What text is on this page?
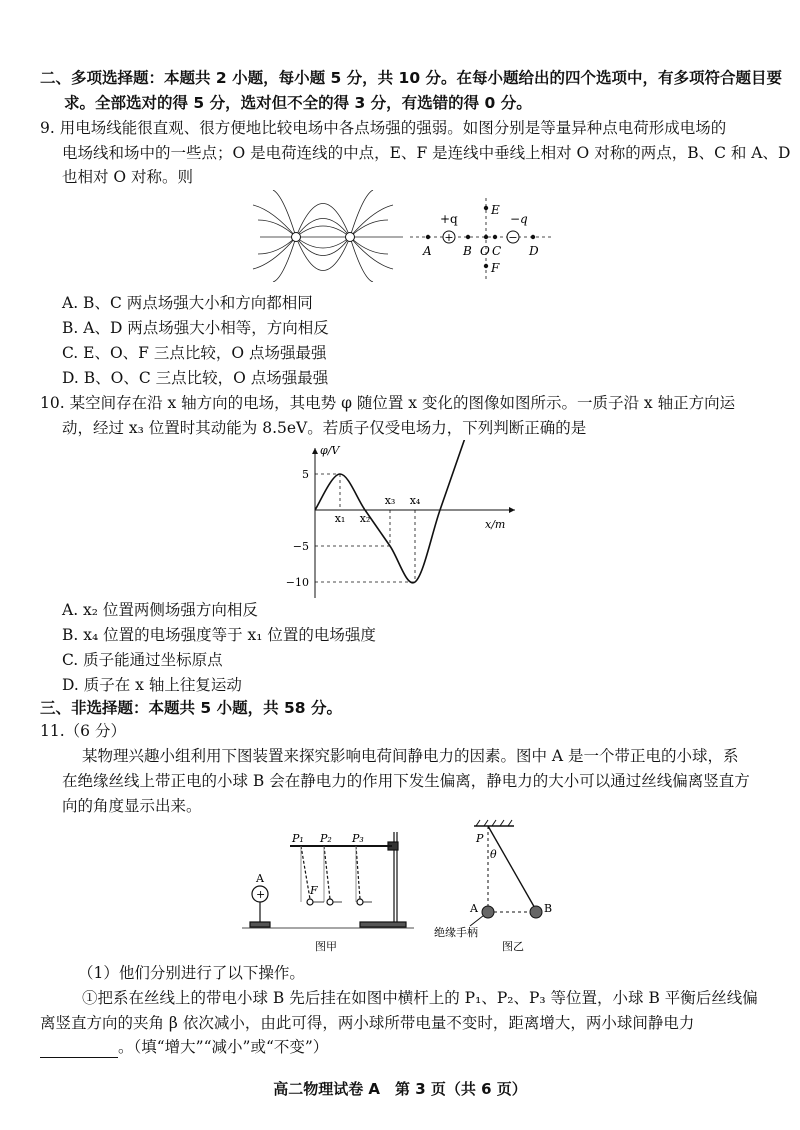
二、多项选择题：本题共 2 小题，每小题 5 分，共 10 分。在每小题给出的四个选项中，有多项符合题目要
求。全部选对的得 5 分，选对但不全的得 3 分，有选错的得 0 分。
9. 用电场线能很直观、很方便地比较电场中各点场强的强弱。如图分别是等量异种点电荷形成电场的
电场线和场中的一些点；O 是电荷连线的中点，E、F 是连线中垂线上相对 O 对称的两点，B、C 和 A、D
也相对 O 对称。则
+	−
+q	−q
A	B O C D
E
F
A. B、C 两点场强大小和方向都相同
B. A、D 两点场强大小相等，方向相反
C. E、O、F 三点比较，O 点场强最强
D. B、O、C 三点比较，O 点场强最强
10. 某空间存在沿 x 轴方向的电场，其电势 φ 随位置 x 变化的图像如图所示。一质子沿 x 轴正方向运
动，经过 x₃ 位置时其动能为 8.5eV。若质子仅受电场力，下列判断正确的是
φ/V
x/m
5
−5
−10
x₁ x₂
x₃ x₄
A. x₂ 位置两侧场强方向相反
B. x₄ 位置的电场强度等于 x₁ 位置的电场强度
C. 质子能通过坐标原点
D. 质子在 x 轴上往复运动
三、非选择题：本题共 5 小题，共 58 分。
11.（6 分）
某物理兴趣小组利用下图装置来探究影响电荷间静电力的因素。图中 A 是一个带正电的小球，系
在绝缘丝线上带正电的小球 B 会在静电力的作用下发生偏离，静电力的大小可以通过丝线偏离竖直方
向的角度显示出来。
P₁ P₂ P₃
F
A
+
图甲
P
θ
A	B
绝缘手柄
图乙
（1）他们分别进行了以下操作。
①把系在丝线上的带电小球 B 先后挂在如图中横杆上的 P₁、P₂、P₃ 等位置，小球 B 平衡后丝线偏
离竖直方向的夹角 β 依次减小，由此可得，两小球所带电量不变时，距离增大，两小球间静电力
。（填“增大”“减小”或“不变”）
高二物理试卷 A　第 3 页（共 6 页）
